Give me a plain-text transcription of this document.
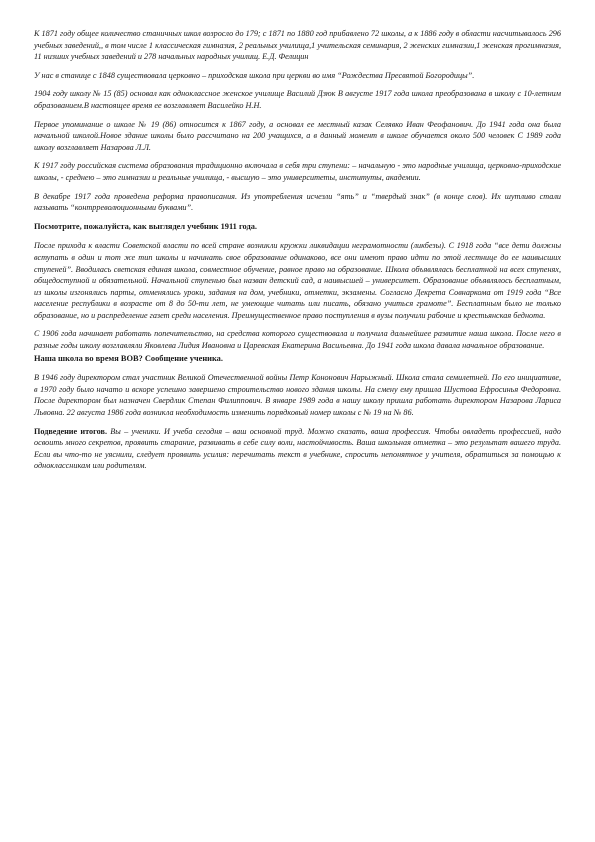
К 1871 году общее количество станичных школ возросло до 179; с 1871 по 1880 год прибавлено 72 школы, а к 1886 году в области насчитывалось 296 учебных заведений,, в том числе 1 классическая гимназия, 2 реальных училища,1 учительская семинария, 2 женских гимназии,1 женская прогимназия, 11 низших учебных заведений и 278 начальных народных училищ. Е.Д. Фелицин

У нас в станице с 1848 существовала церковно – приходская школа при церкви во имя “Рождества Пресвятой Богородицы”.

1904 году школу № 15 (85) основал как одноклассное женское училище Василий Дзюк В августе 1917 года школа преобразована в школу с 10-летним образованием.В настоящее время ее возглавляет Василейко Н.Н.

Первое упоминание о школе № 19 (86) относится к 1867 году, а основал ее местный казак Селявко Иван Феофанович. До 1941 года она была начальной школой.Новое здание школы было рассчитано на 200 учащихся, а в данный момент в школе обучается около 500 человек С 1989 года школу возглавляет Назарова Л.Л.

К 1917 году российская система образования традиционно включала в себя три ступени: – начальную - это народные училища, церковно-приходские школы, - среднею – это гимназии и реальные училища, - высшую – это университеты, институты, академии.

В декабре 1917 года проведена реформа правописания. Из употребления исчезли “ять” и “твердый знак” (в конце слов). Их шутливо стали называть “контрреволюционными буквами”.

Посмотрите, пожалуйста, как выглядел учебник 1911 года.

После прихода к власти Советской власти по всей стране возникли кружки ликвидации неграмотности (ликбезы). С 1918 года “все дети должны вступать в один и тот же тип школы и начинать свое образование одинаково, все они имеют право идти по этой лестнице до ее наивысших ступеней”. Вводилась светская единая школа, совместное обучение, равное право на образование. Школа объявлялась бесплатной на всех ступенях, общедоступной и обязательной. Начальной ступенью был назван детский сад, а наивысшей – университет. Образование объявлялось бесплатным, из школы изгонялись парты, отменялись уроки, задания на дом, учебники, отметки, экзамены. Согласно Декрета Совнаркома от 1919 года “Все население республики в возрасте от 8 до 50-ти лет, не умеющие читать или писать, обязано учиться грамоте”. Бесплатным было не только образование, но и распределение газет среди населения. Преимущественное право поступления в вузы получили рабочие и крестьянская беднота.

С 1906 года начинает работать попечительство, на средства которого существовала и получила дальнейшее развитие наша школа. После него в разные годы школу возглавляли Яковлева Лидия Ивановна и Царевская Екатерина Васильевна. До 1941 года школа давала начальное образование.

Наша школа во время ВОВ? Сообщение ученика.

В 1946 году директором стал участник Великой Отечественной войны Петр Кононович Нарыжный. Школа стала семилетней. По его инициативе, в 1970 году было начато и вскоре успешно завершено строительство нового здания школы. На смену ему пришла Шустова Ефросинья Федоровна. После директором был назначен Свердлик Степан Филиппович. В январе 1989 года в нашу школу пришла работать директором Назарова Лариса Львовна. 22 августа 1986 года возникла необходимость изменить порядковый номер школы с № 19 на № 86.

Подведение итогов. Вы – ученики. И учеба сегодня – ваш основной труд. Можно сказать, ваша профессия. Чтобы овладеть профессией, надо освоить много секретов, проявить старание, развивать в себе силу воли, настойчивость. Ваша школьная отметка – это результат вашего труда. Если вы что-то не уяснили, следует проявить усилия: перечитать текст в учебнике, спросить непонятное у учителя, обратиться за помощью к одноклассникам или родителям.
